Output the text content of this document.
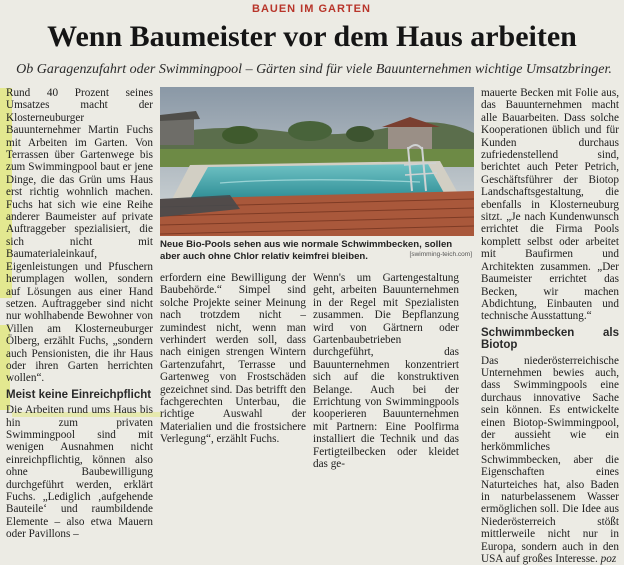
BAUEN IM GARTEN
Wenn Baumeister vor dem Haus arbeiten
Ob Garagenzufahrt oder Swimmingpool – Gärten sind für viele Bauunternehmen wichtige Umsatzbringer.

Rund 40 Prozent seines Umsatzes macht der Klosterneuburger Bauunternehmer Martin Fuchs mit Arbeiten im Garten. Von Terrassen über Gartenwege bis zum Swimmingpool baut er jene Dinge, die das Grün ums Haus erst richtig wohnlich machen. Fuchs hat sich wie eine Reihe anderer Baumeister auf private Auftraggeber spezialisiert, die sich nicht mit Baumaterialeinkauf, Eigenleistungen und Pfuschern herumplagen wollen, sondern auf Lösungen aus einer Hand setzen. Auftraggeber sind nicht nur wohlhabende Bewohner von Villen am Klosterneuburger Ölberg, erzählt Fuchs, „sondern auch Pensionisten, die ihr Haus oder ihren Garten herrichten wollen“.

Meist keine Einreichpflicht

Die Arbeiten rund ums Haus bis hin zum privaten Swimmingpool sind mit wenigen Ausnahmen nicht einreichpflichtig, können also ohne Baubewilligung durchgeführt werden, erklärt Fuchs. „Lediglich ‚aufgehende Bauteile‘ und raumbildende Elemente – also etwa Mauern oder Pavillons –

Neue Bio-Pools sehen aus wie normale Schwimmbecken, sollen aber auch ohne Chlor relativ keimfrei bleiben.	[swimming-teich.com]

erfordern eine Bewilligung der Baubehörde.“ Simpel sind solche Projekte seiner Meinung nach trotzdem nicht – zumindest nicht, wenn man verhindert werden soll, dass nach einigen strengen Wintern Gartenzufahrt, Terrasse und Gartenweg von Frostschäden gezeichnet sind. Das betrifft den fachgerechten Unterbau, die richtige Auswahl der Materialien und die frostsichere Verlegung“, erzählt Fuchs.

Wenn's um Gartengestaltung geht, arbeiten Bauunternehmen in der Regel mit Spezialisten zusammen. Die Bepflanzung wird von Gärtnern oder Gartenbaubetrieben durchgeführt, das Bauunternehmen konzentriert sich auf die konstruktiven Belange. Auch bei der Errichtung von Swimmingpools kooperieren Bauunternehmen mit Partnern: Eine Poolfirma installiert die Technik und das Fertigteilbecken oder kleidet das ge-

mauerte Becken mit Folie aus, das Bauunternehmen macht alle Bauarbeiten. Dass solche Kooperationen üblich und für Kunden durchaus zufriedenstellend sind, berichtet auch Peter Petrich, Geschäftsführer der Biotop Landschaftsgestaltung, die ebenfalls in Klosterneuburg sitzt. „Je nach Kundenwunsch errichtet die Firma Pools komplett selbst oder arbeitet mit Baufirmen und Architekten zusammen. „Der Baumeister errichtet das Becken, wir machen Abdichtung, Einbauten und technische Ausstattung.“

Schwimmbecken als Biotop

Das niederösterreichische Unternehmen bewies auch, dass Swimmingpools eine durchaus innovative Sache sein können. Es entwickelte einen Biotop-Swimmingpool, der aussieht wie ein herkömmliches Schwimmbecken, aber die Eigenschaften eines Naturteiches hat, also Baden in naturbelassenem Wasser ermöglichen soll. Die Idee aus Niederösterreich stößt mittlerweile nicht nur in Europa, sondern auch in den USA auf großes Interesse. poz
